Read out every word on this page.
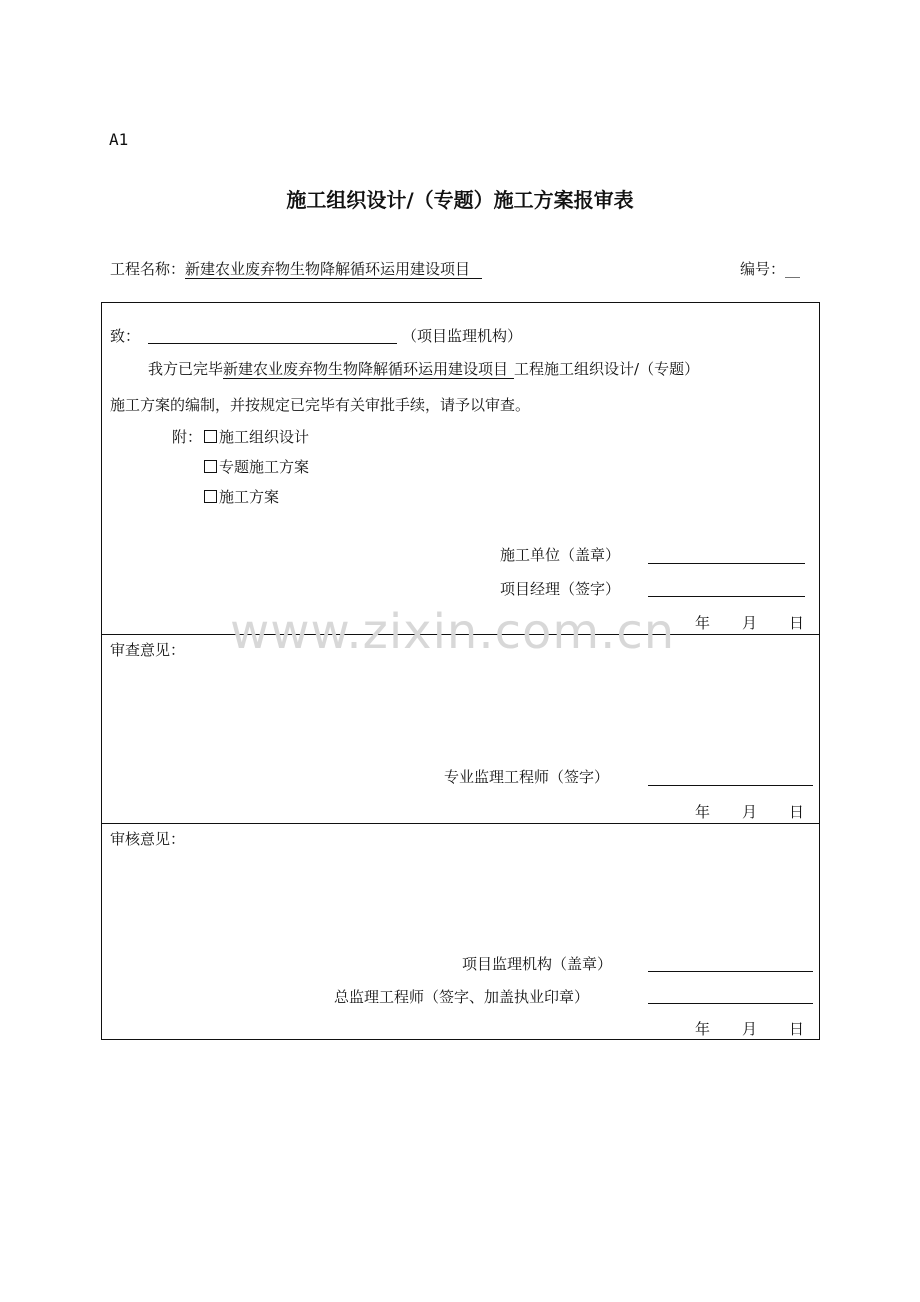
A1
施工组织设计/（专题）施工方案报审表
工程名称：新建农业废弃物生物降解循环运用建设项目	编号：__
致：	（项目监理机构）
我方已完毕新建农业废弃物生物降解循环运用建设项目 工程施工组织设计/（专题）
施工方案的编制，并按规定已完毕有关审批手续，请予以审查。
附：	施工组织设计
专题施工方案
施工方案
施工单位（盖章）
项目经理（签字）
年 月 日
审查意见：
专业监理工程师（签字）
年 月 日
审核意见：
项目监理机构（盖章）
总监理工程师（签字、加盖执业印章）
年 月 日
www.zixin.com.cn
